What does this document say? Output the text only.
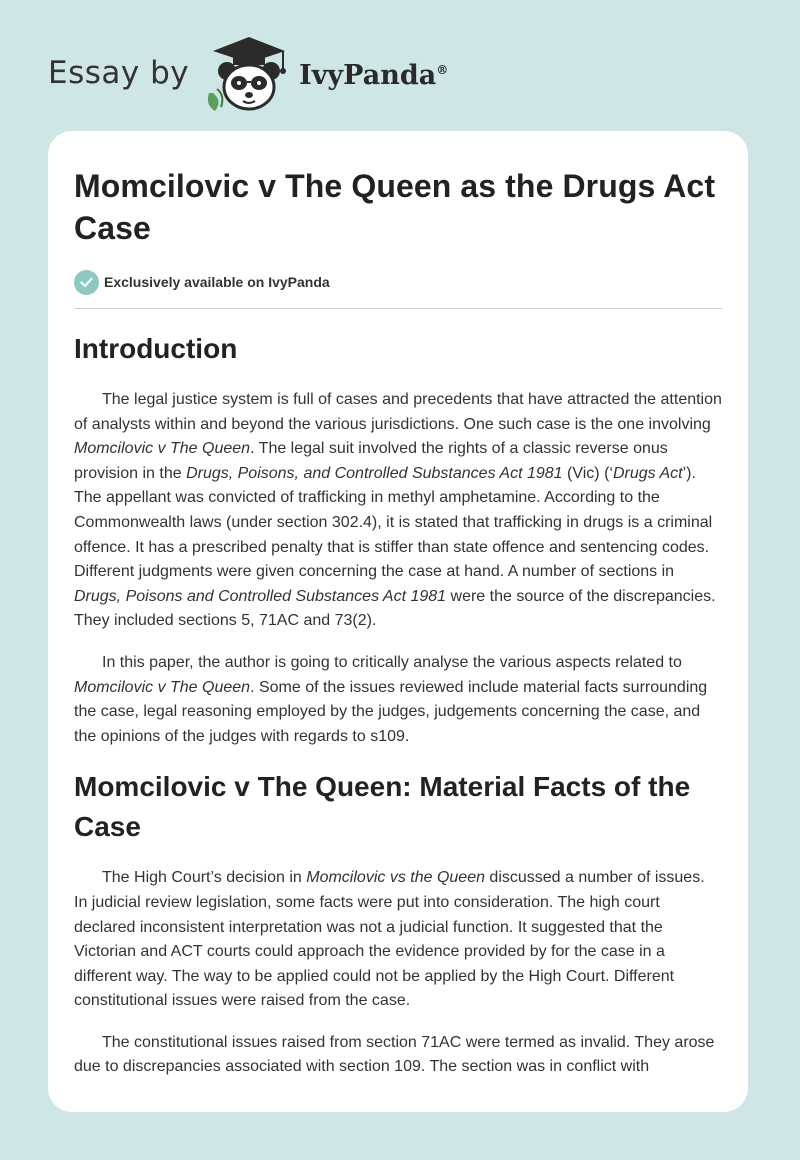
Essay by	IvyPanda®
Momcilovic v The Queen as the Drugs Act Case
Exclusively available on IvyPanda
Introduction

The legal justice system is full of cases and precedents that have attracted the attention of analysts within and beyond the various jurisdictions. One such case is the one involving Momcilovic v The Queen. The legal suit involved the rights of a classic reverse onus provision in the Drugs, Poisons, and Controlled Substances Act 1981 (Vic) (‘Drugs Act’). The appellant was convicted of trafficking in methyl amphetamine. According to the Commonwealth laws (under section 302.4), it is stated that trafficking in drugs is a criminal offence. It has a prescribed penalty that is stiffer than state offence and sentencing codes. Different judgments were given concerning the case at hand. A number of sections in Drugs, Poisons and Controlled Substances Act 1981 were the source of the discrepancies. They included sections 5, 71AC and 73(2).

In this paper, the author is going to critically analyse the various aspects related to Momcilovic v The Queen. Some of the issues reviewed include material facts surrounding the case, legal reasoning employed by the judges, judgements concerning the case, and the opinions of the judges with regards to s109.

Momcilovic v The Queen: Material Facts of the Case

The High Court’s decision in Momcilovic vs the Queen discussed a number of issues. In judicial review legislation, some facts were put into consideration. The high court declared inconsistent interpretation was not a judicial function. It suggested that the Victorian and ACT courts could approach the evidence provided by for the case in a different way. The way to be applied could not be applied by the High Court. Different constitutional issues were raised from the case.

The constitutional issues raised from section 71AC were termed as invalid. They arose due to discrepancies associated with section 109. The section was in conflict with
